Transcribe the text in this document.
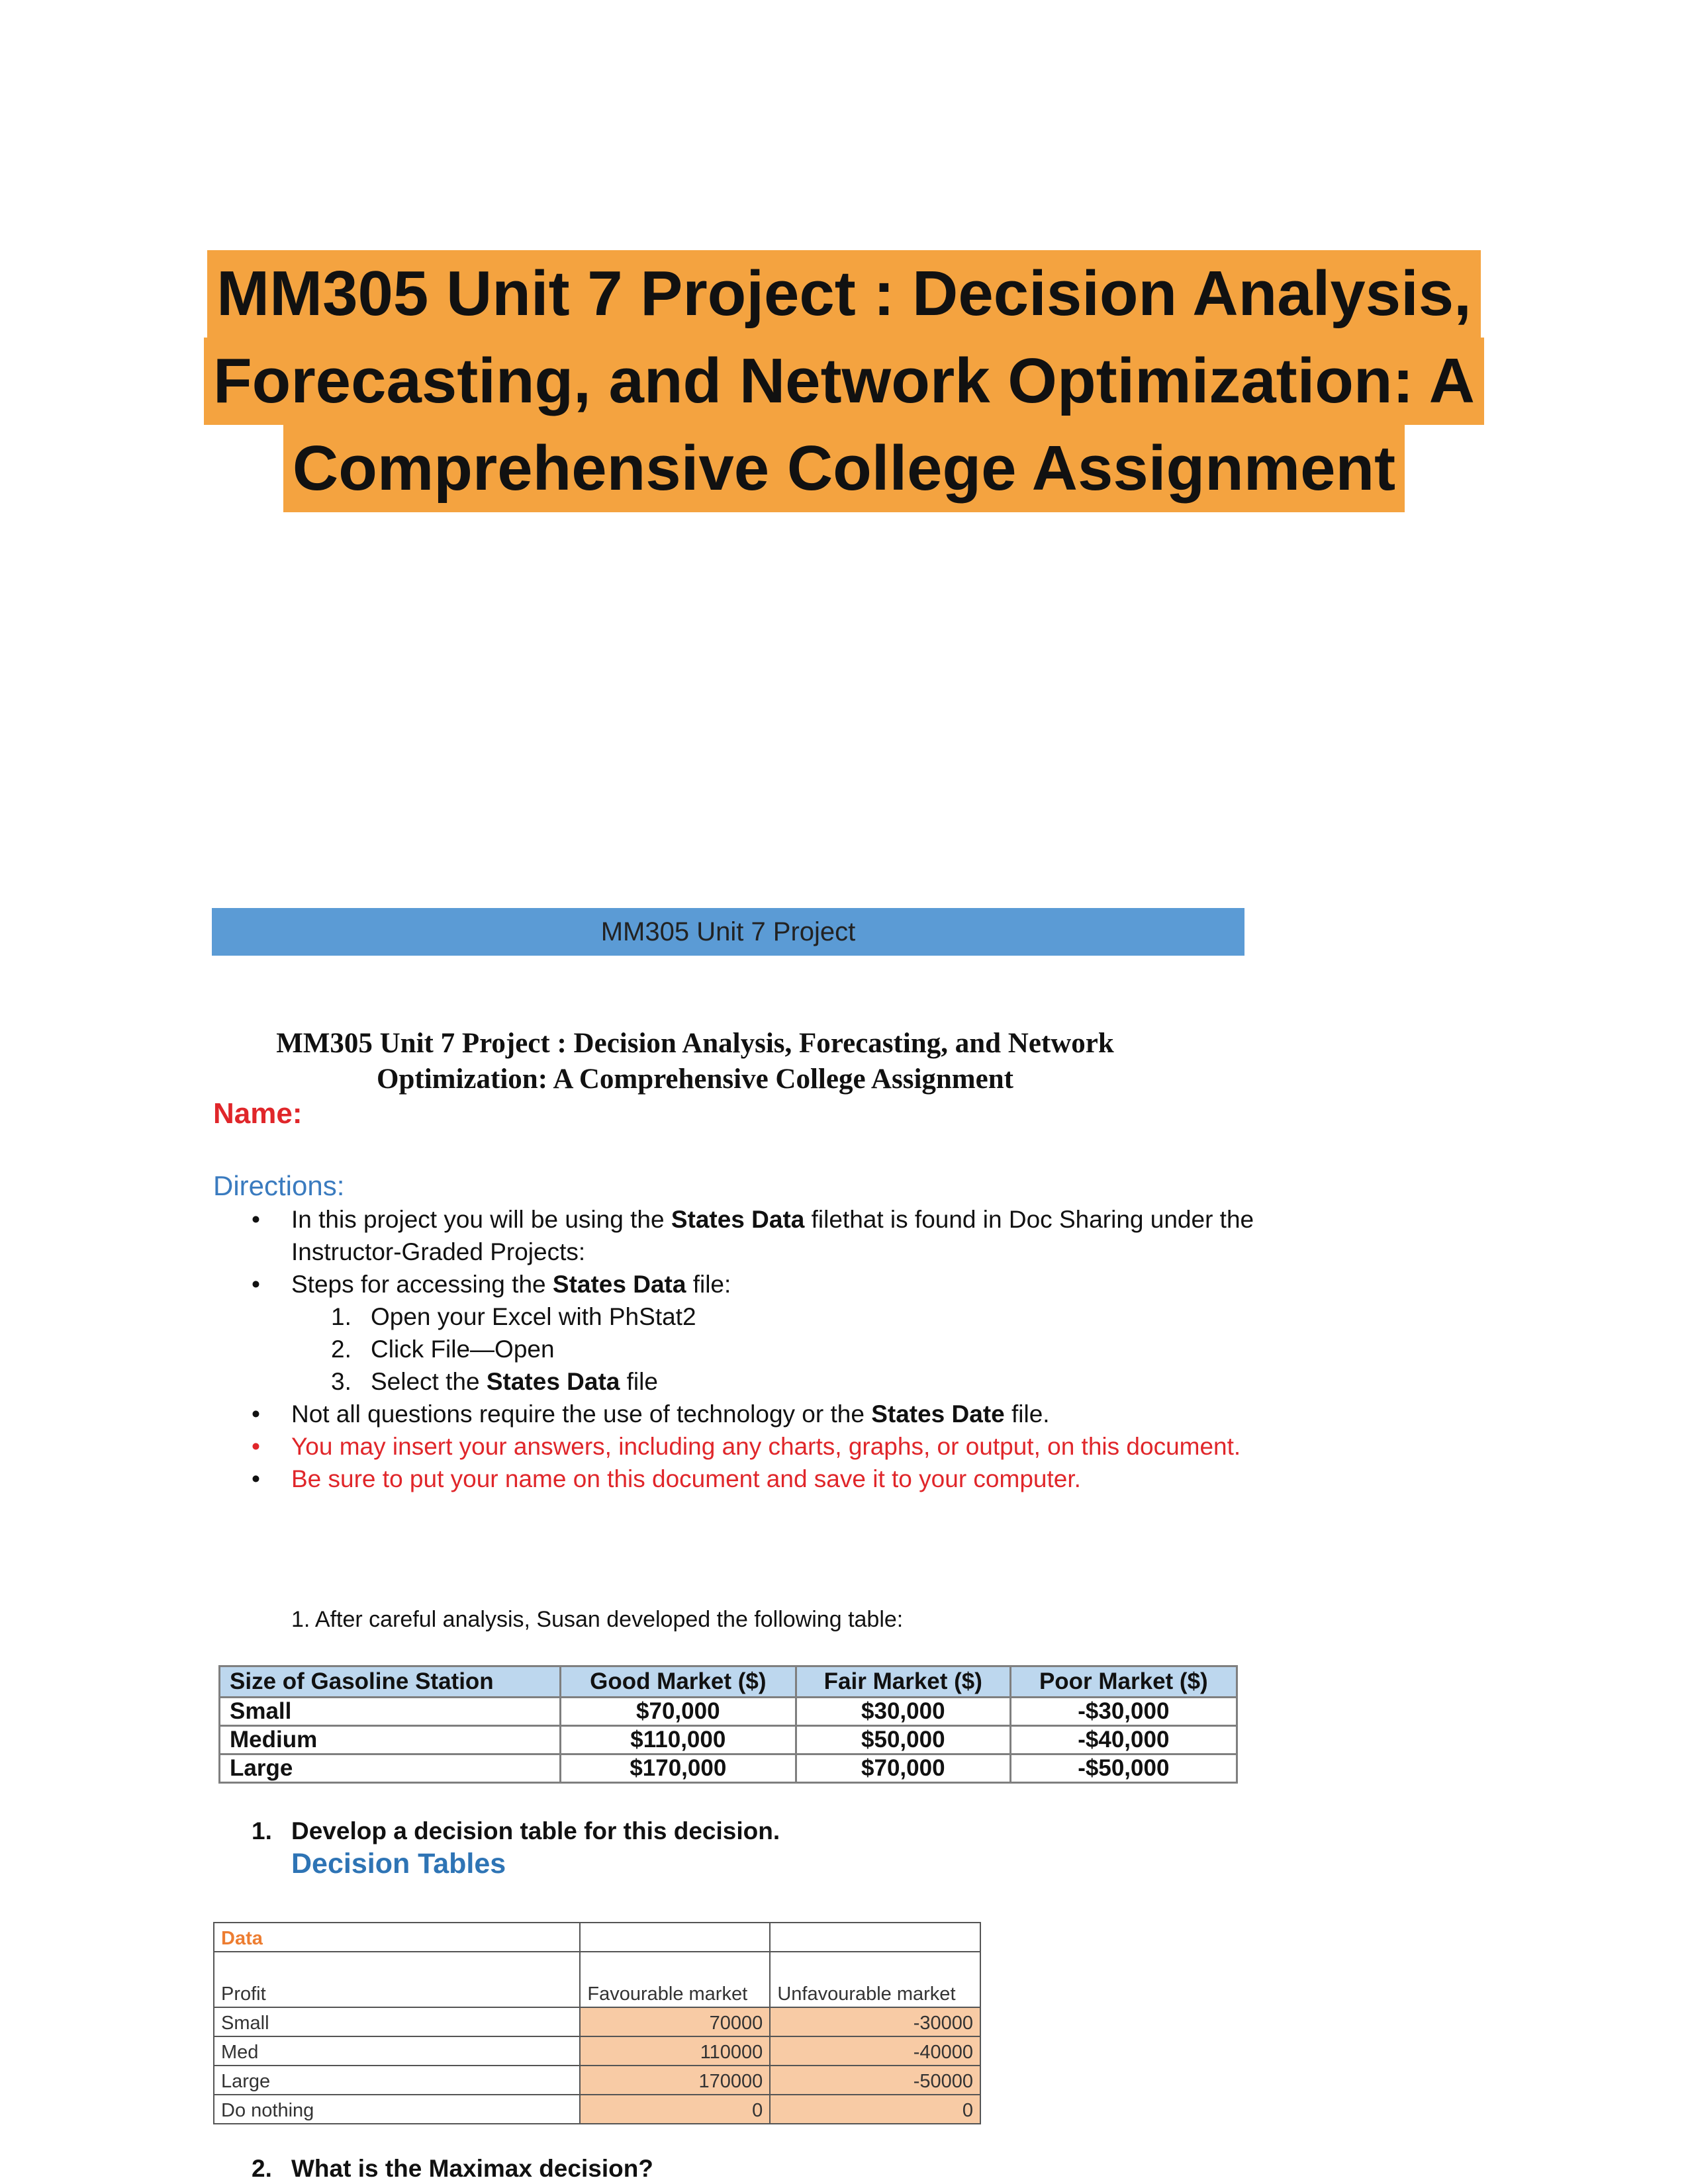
MM305 Unit 7 Project : Decision Analysis,
Forecasting, and Network Optimization: A
Comprehensive College Assignment
MM305 Unit 7 Project
MM305 Unit 7 Project : Decision Analysis, Forecasting, and Network Optimization: A Comprehensive College Assignment
Name:
Directions:
•	In this project you will be using the States Data filethat is found in Doc Sharing under the Instructor-Graded Projects:
•	Steps for accessing the States Data file:
1. Open your Excel with PhStat2
2. Click File—Open
3. Select the States Data file
•	Not all questions require the use of technology or the States Date file.
•	You may insert your answers, including any charts, graphs, or output, on this document.
•	Be sure to put your name on this document and save it to your computer.
1. After careful analysis, Susan developed the following table:
Size of Gasoline Station	Good Market ($)	Fair Market ($)	Poor Market ($)
Small	$70,000	$30,000	-$30,000
Medium	$110,000	$50,000	-$40,000
Large	$170,000	$70,000	-$50,000
1. Develop a decision table for this decision.
Decision Tables
Data		
Profit	Favourable market	Unfavourable market
Small	70000	-30000
Med	110000	-40000
Large	170000	-50000
Do nothing	0	0
2. What is the Maximax decision?
